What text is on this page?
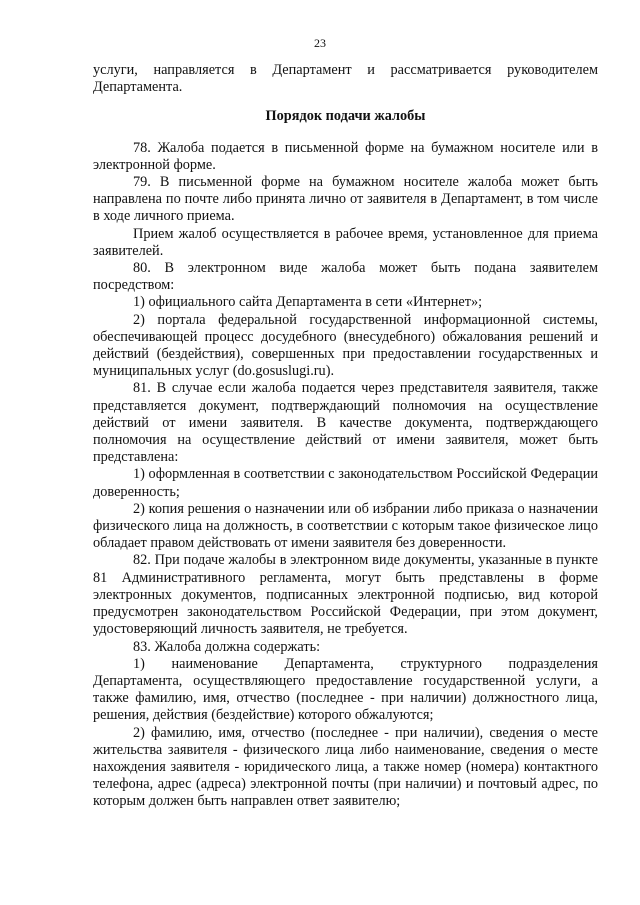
23

услуги, направляется в Департамент и рассматривается руководителем Департамента.

Порядок подачи жалобы

78. Жалоба подается в письменной форме на бумажном носителе или в электронной форме.

79. В письменной форме на бумажном носителе жалоба может быть направлена по почте либо принята лично от заявителя в Департамент, в том числе в ходе личного приема.

Прием жалоб осуществляется в рабочее время, установленное для приема заявителей.

80. В электронном виде жалоба может быть подана заявителем посредством:

1) официального сайта Департамента в сети «Интернет»;

2) портала федеральной государственной информационной системы, обеспечивающей процесс досудебного (внесудебного) обжалования решений и действий (бездействия), совершенных при предоставлении государственных и муниципальных услуг (do.gosuslugi.ru).

81. В случае если жалоба подается через представителя заявителя, также представляется документ, подтверждающий полномочия на осуществление действий от имени заявителя. В качестве документа, подтверждающего полномочия на осуществление действий от имени заявителя, может быть представлена:

1) оформленная в соответствии с законодательством Российской Федерации доверенность;

2) копия решения о назначении или об избрании либо приказа о назначении физического лица на должность, в соответствии с которым такое физическое лицо обладает правом действовать от имени заявителя без доверенности.

82. При подаче жалобы в электронном виде документы, указанные в пункте 81 Административного регламента, могут быть представлены в форме электронных документов, подписанных электронной подписью, вид которой предусмотрен законодательством Российской Федерации, при этом документ, удостоверяющий личность заявителя, не требуется.

83. Жалоба должна содержать:

1) наименование Департамента, структурного подразделения Департамента, осуществляющего предоставление государственной услуги, а также фамилию, имя, отчество (последнее - при наличии) должностного лица, решения, действия (бездействие) которого обжалуются;

2) фамилию, имя, отчество (последнее - при наличии), сведения о месте жительства заявителя - физического лица либо наименование, сведения о месте нахождения заявителя - юридического лица, а также номер (номера) контактного телефона, адрес (адреса) электронной почты (при наличии) и почтовый адрес, по которым должен быть направлен ответ заявителю;
